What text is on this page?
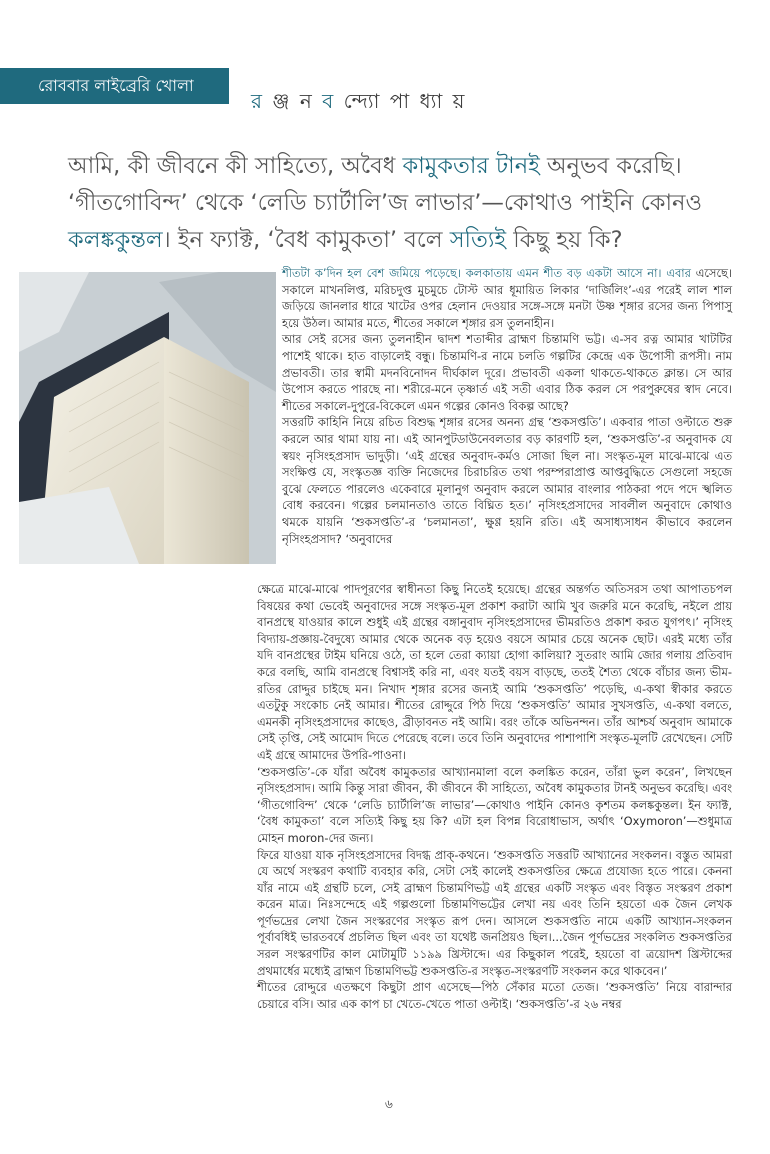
রোববার লাইব্রেরি খোলা
র ঞ্জ ন ব ন্দ্যো পা ধ্যা য়

আমি, কী জীবনে কী সাহিত্যে, অবৈধ কামুকতার টানই অনুভব করেছি।

‘গীতগোবিন্দ’ থেকে ‘লেডি চ্যার্টালি’জ লাভার’—কোথাও পাইনি কোনও

কলঙ্ককুন্তল। ইন ফ্যাক্ট, ‘বৈধ কামুকতা’ বলে সত্যিই কিছু হয় কি?

শীতটা ক’দিন হল বেশ জমিয়ে পড়েছে। কলকাতায় এমন শীত বড় একটা আসে না। এবার এসেছে। সকালে মাখনলিপ্ত, মরিচদুপ্ত মুচমুচে টোস্ট আর ধূমায়িত লিকার ‘দার্জিলিং’-এর পরেই লাল শাল জড়িয়ে জানলার ধারে খাটের ওপর হেলান দেওয়ার সঙ্গে-সঙ্গে মনটা উষ্ণ শৃঙ্গার রসের জন্য পিপাসু হয়ে উঠল। আমার মতে, শীতের সকালে শৃঙ্গার রস তুলনাহীন।

আর সেই রসের জন্য তুলনাহীন দ্বাদশ শতাব্দীর ব্রাহ্মণ চিন্তামণি ভট্ট। এ-সব রত্ন আমার খাটটির পাশেই থাকে। হাত বাড়ালেই বন্ধু। চিন্তামণি-র নামে চলতি গল্পটির কেন্দ্রে এক উপোসী রূপসী। নাম প্রভাবতী। তার স্বামী মদনবিনোদন দীর্ঘকাল দূরে। প্রভাবতী একলা থাকতে-থাকতে ক্লান্ত। সে আর উপোস করতে পারছে না। শরীরে-মনে তৃষ্ণার্ত এই সতী এবার ঠিক করল সে পরপুরুষের স্বাদ নেবে। শীতের সকালে-দুপুরে-বিকেলে এমন গল্পের কোনও বিকল্প আছে?

সত্তরটি কাহিনি নিয়ে রচিত বিশুদ্ধ শৃঙ্গার রসের অনন্য গ্রন্থ ‘শুকসপ্ততি’। একবার পাতা ওল্টাতে শুরু করলে আর থামা যায় না। এই আনপুটডাউনেবলতার বড় কারণটি হল, ‘শুকসপ্ততি’-র অনুবাদক যে স্বয়ং নৃসিংহপ্রসাদ ভাদুড়ী। ‘এই গ্রন্থের অনুবাদ-কর্মও সোজা ছিল না। সংস্কৃত-মূল মাঝে-মাঝে এত সংক্ষিপ্ত যে, সংস্কৃতজ্ঞ ব্যক্তি নিজেদের চিরাচরিত তথা পরম্পরাপ্রাপ্ত আপ্তবুদ্ধিতে সেগুলো সহজে বুঝে ফেলতে পারলেও একেবারে মূলানুগ অনুবাদ করলে আমার বাংলার পাঠকরা পদে পদে স্খলিত বোধ করবেন। গল্পের চলমানতাও তাতে বিঘ্নিত হত।’ নৃসিংহপ্রসাদের সাবলীল অনুবাদে কোথাও থমকে যায়নি ‘শুকসপ্ততি’-র ‘চলমানতা’, ক্ষুণ্ণ হয়নি রতি। এই অসাধ্যসাধন কীভাবে করলেন নৃসিংহপ্রসাদ? ‘অনুবাদের

ক্ষেত্রে মাঝে-মাঝে পাদপূরণের স্বাধীনতা কিছু নিতেই হয়েছে। গ্রন্থের অন্তর্গত অতিসরস তথা আপাতচপল বিষয়ের কথা ভেবেই অনুবাদের সঙ্গে সংস্কৃত-মূল প্রকাশ করাটা আমি খুব জরুরি মনে করেছি, নইলে প্রায় বানপ্রস্থে যাওয়ার কালে শুধুই এই গ্রন্থের বঙ্গানুবাদ নৃসিংহপ্রসাদের ভীমরতিও প্রকাশ করত যুগপৎ।’ নৃসিংহ বিদ্যায়-প্রজ্ঞায়-বৈদুষ্যে আমার থেকে অনেক বড় হয়েও বয়সে আমার চেয়ে অনেক ছোট। এরই মধ্যে তাঁর যদি বানপ্রস্থের টাইম ঘনিয়ে ওঠে, তা হলে তেরা ক্যায়া হোগা কালিয়া? সুতরাং আমি জোর গলায় প্রতিবাদ করে বলছি, আমি বানপ্রস্থে বিশ্বাসই করি না, এবং যতই বয়স বাড়ছে, ততই শৈত্য থেকে বাঁচার জন্য ভীম-রতির রোদ্দুর চাইছে মন। নিখাদ শৃঙ্গার রসের জন্যই আমি ‘শুকসপ্ততি’ পড়েছি, এ-কথা স্বীকার করতে এতটুকু সংকোচ নেই আমার। শীতের রোদ্দুরে পিঠ দিয়ে ‘শুকসপ্ততি’ আমার সুখসপ্ততি, এ-কথা বলতে, এমনকী নৃসিংহপ্রসাদের কাছেও, ব্রীড়াবনত নই আমি। বরং তাঁকে অভিনন্দন। তাঁর আশ্চর্য অনুবাদ আমাকে সেই তৃপ্তি, সেই আমোদ দিতে পেরেছে বলে। তবে তিনি অনুবাদের পাশাপাশি সংস্কৃত-মূলটি রেখেছেন। সেটি এই গ্রন্থে আমাদের উপরি-পাওনা।

‘শুকসপ্ততি’-কে যাঁরা অবৈধ কামুকতার আখ্যানমালা বলে কলঙ্কিত করেন, তাঁরা ভুল করেন’, লিখছেন নৃসিংহপ্রসাদ। আমি কিন্তু সারা জীবন, কী জীবনে কী সাহিত্যে, অবৈধ কামুকতার টানই অনুভব করেছি। এবং ‘গীতগোবিন্দ’ থেকে ‘লেডি চ্যার্টালি’জ লাভার’—কোথাও পাইনি কোনও কৃশতম কলঙ্ককুন্তল। ইন ফ্যাক্ট, ‘বৈধ কামুকতা’ বলে সত্যিই কিছু হয় কি? এটা হল বিপন্ন বিরোধাভাস, অর্থাৎ ‘Oxymoron’—শুধুমাত্র মোহন moron-দের জন্য।

ফিরে যাওয়া যাক নৃসিংহপ্রসাদের বিদগ্ধ প্রাক্‌-কথনে। ‘শুকসপ্ততি সত্তরটি আখ্যানের সংকলন। বস্তুত আমরা যে অর্থে সংস্করণ কথাটি ব্যবহার করি, সেটা সেই কালেই শুকসপ্ততির ক্ষেত্রে প্রযোজ্য হতে পারে। কেননা যাঁর নামে এই গ্রন্থটি চলে, সেই ব্রাহ্মণ চিন্তামণিভট্ট এই গ্রন্থের একটি সংস্কৃত এবং বিস্তৃত সংস্করণ প্রকাশ করেন মাত্র। নিঃসন্দেহে এই গল্পগুলো চিন্তামণিভট্টের লেখা নয় এবং তিনি হয়তো এক জৈন লেখক পূর্ণভদ্রের লেখা জৈন সংস্করণের সংস্কৃত রূপ দেন। আসলে শুকসপ্ততি নামে একটি আখ্যান-সংকলন পূর্বাবধিই ভারতবর্ষে প্রচলিত ছিল এবং তা যথেষ্ট জনপ্রিয়ও ছিল।...জৈন পূর্ণভদ্রের সংকলিত শুকসপ্ততির সরল সংস্করণটির কাল মোটামুটি ১১৯৯ খ্রিস্টাব্দে। এর কিছুকাল পরেই, হয়তো বা ত্রয়োদশ খ্রিস্টাব্দের প্রথমার্ধের মধ্যেই ব্রাহ্মণ চিন্তামণিভট্ট শুকসপ্ততি-র সংস্কৃত-সংস্করণটি সংকলন করে থাকবেন।’

শীতের রোদ্দুরে এতক্ষণে কিছুটা প্রাণ এসেছে—পিঠ সেঁকার মতো তেজ। ‘শুকসপ্ততি’ নিয়ে বারান্দার চেয়ারে বসি। আর এক কাপ চা খেতে-খেতে পাতা ওল্টাই। ‘শুকসপ্ততি’-র ২৬ নম্বর

৬
